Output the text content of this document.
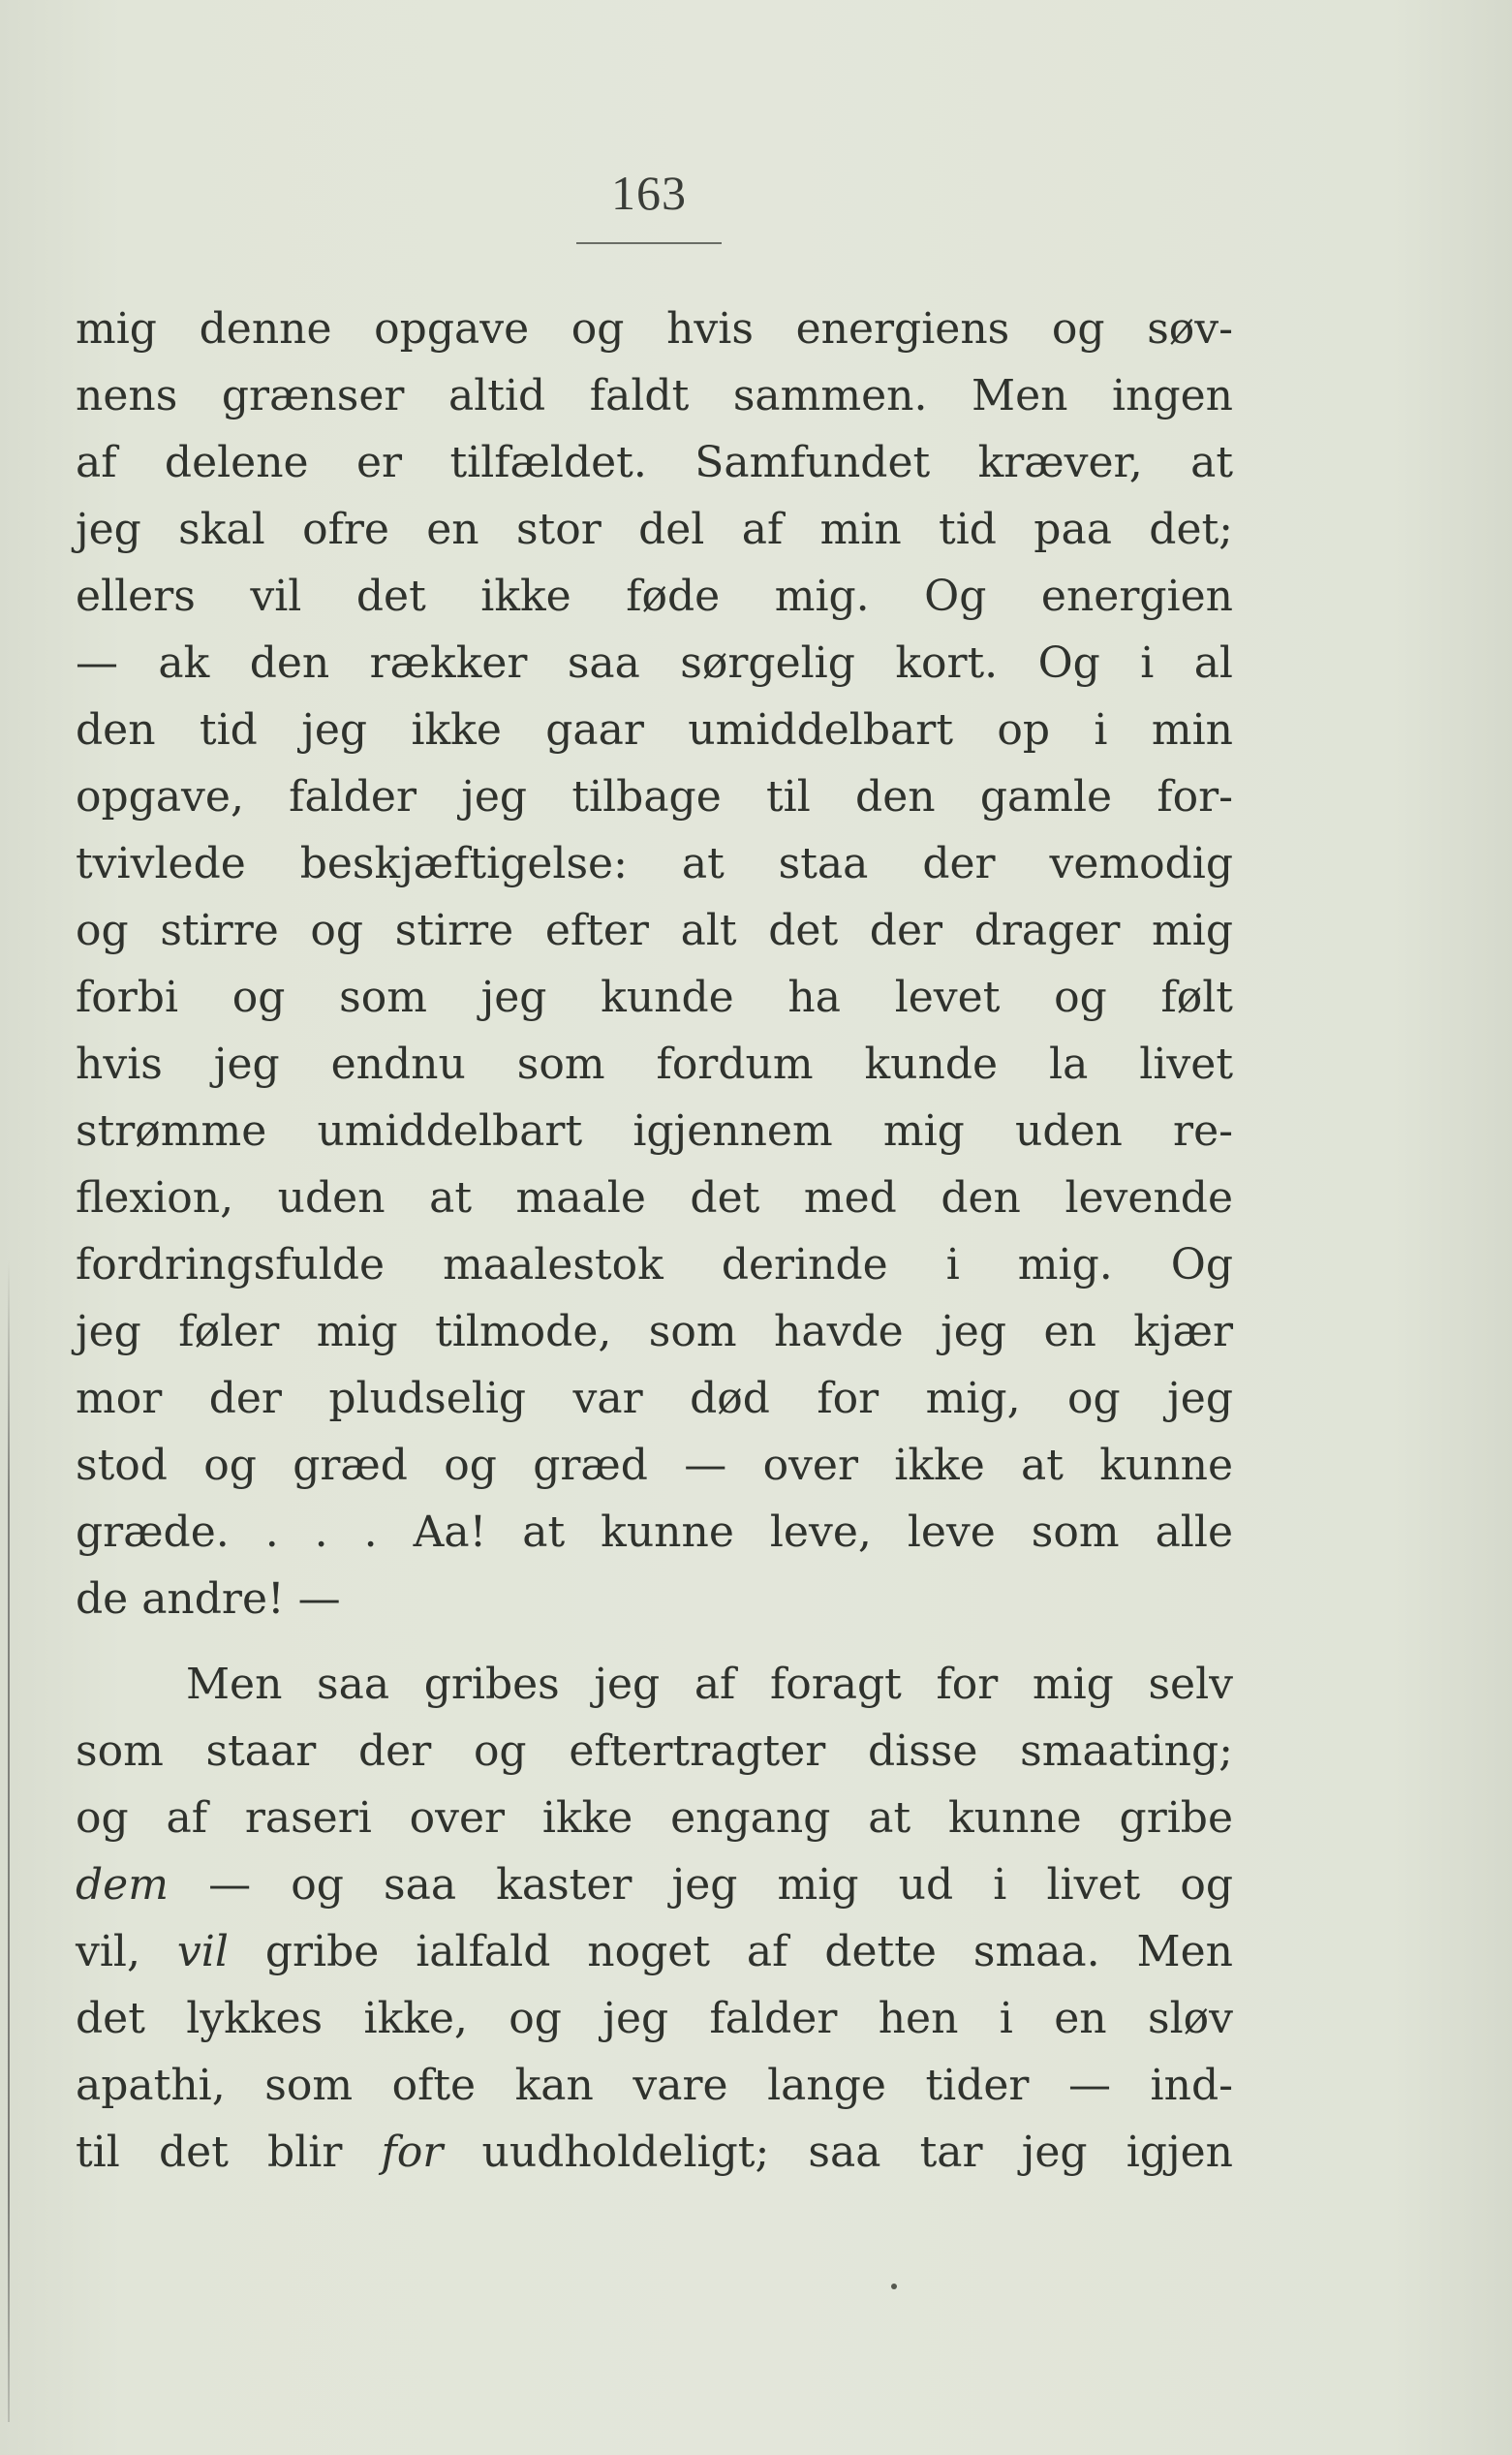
163
mig denne opgave og hvis energiens og søv-
nens grænser altid faldt sammen. Men ingen
af delene er tilfældet. Samfundet kræver, at
jeg skal ofre en stor del af min tid paa det;
ellers vil det ikke føde mig. Og energien
— ak den rækker saa sørgelig kort. Og i al
den tid jeg ikke gaar umiddelbart op i min
opgave, falder jeg tilbage til den gamle for-
tvivlede beskjæftigelse: at staa der vemodig
og stirre og stirre efter alt det der drager mig
forbi og som jeg kunde ha levet og følt
hvis jeg endnu som fordum kunde la livet
strømme umiddelbart igjennem mig uden re-
flexion, uden at maale det med den levende
fordringsfulde maalestok derinde i mig. Og
jeg føler mig tilmode, som havde jeg en kjær
mor der pludselig var død for mig, og jeg
stod og græd og græd — over ikke at kunne
græde. . . . Aa! at kunne leve, leve som alle
de andre! —
Men saa gribes jeg af foragt for mig selv
som staar der og eftertragter disse smaating;
og af raseri over ikke engang at kunne gribe
dem — og saa kaster jeg mig ud i livet og
vil, vil gribe ialfald noget af dette smaa. Men
det lykkes ikke, og jeg falder hen i en sløv
apathi, som ofte kan vare lange tider — ind-
til det blir for uudholdeligt; saa tar jeg igjen
